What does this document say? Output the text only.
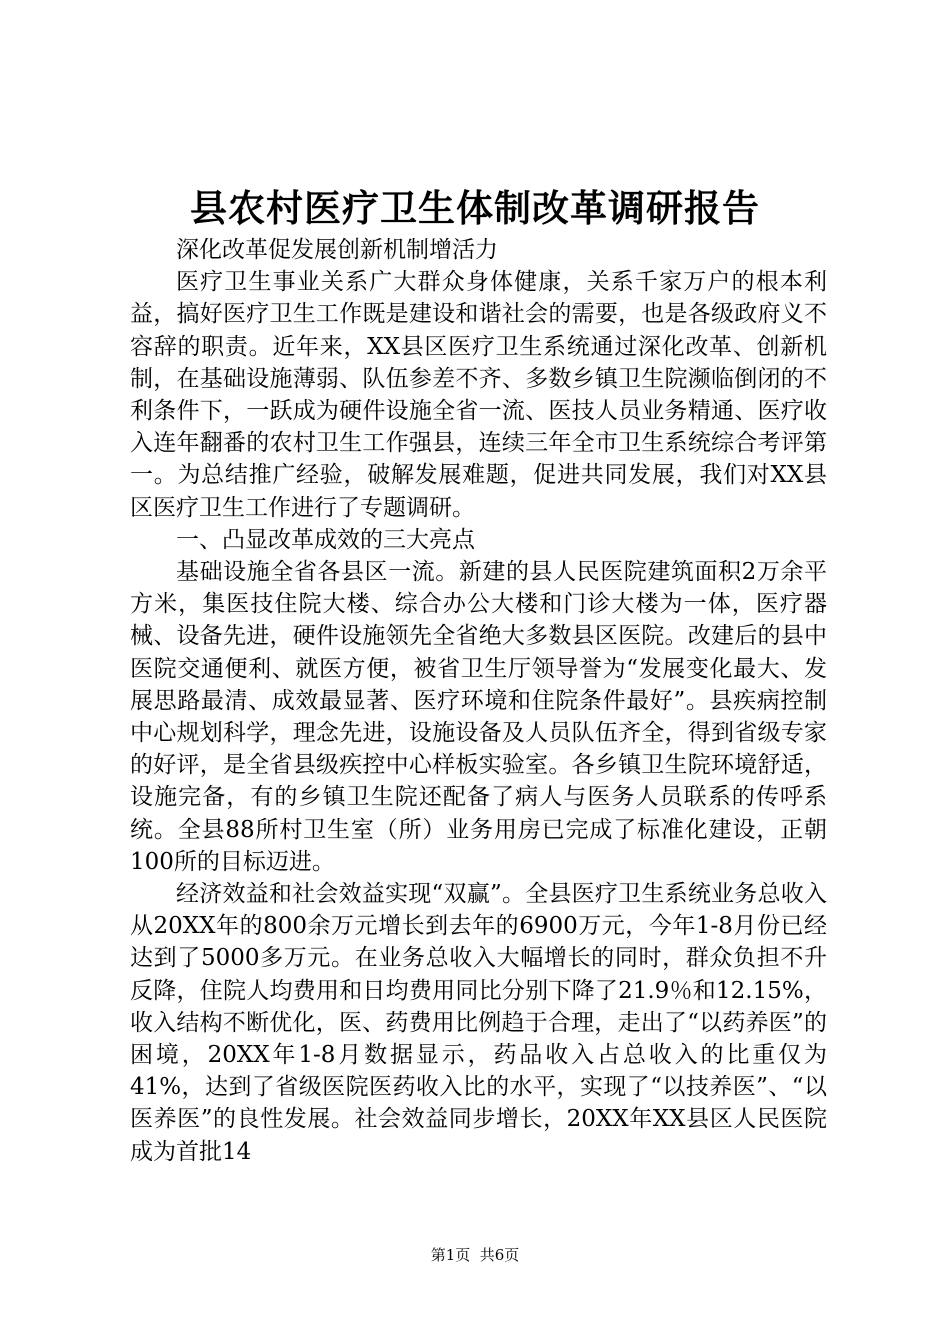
县农村医疗卫生体制改革调研报告

深化改革促发展创新机制增活力

医疗卫生事业关系广大群众身体健康，关系千家万户的根本利益，搞好医疗卫生工作既是建设和谐社会的需要，也是各级政府义不容辞的职责。近年来，XX县区医疗卫生系统通过深化改革、创新机制，在基础设施薄弱、队伍参差不齐、多数乡镇卫生院濒临倒闭的不利条件下，一跃成为硬件设施全省一流、医技人员业务精通、医疗收入连年翻番的农村卫生工作强县，连续三年全市卫生系统综合考评第一。为总结推广经验，破解发展难题，促进共同发展，我们对XX县区医疗卫生工作进行了专题调研。

一、凸显改革成效的三大亮点

基础设施全省各县区一流。新建的县人民医院建筑面积2万余平方米，集医技住院大楼、综合办公大楼和门诊大楼为一体，医疗器械、设备先进，硬件设施领先全省绝大多数县区医院。改建后的县中医院交通便利、就医方便，被省卫生厅领导誉为“发展变化最大、发展思路最清、成效最显著、医疗环境和住院条件最好”。县疾病控制中心规划科学，理念先进，设施设备及人员队伍齐全，得到省级专家的好评，是全省县级疾控中心样板实验室。各乡镇卫生院环境舒适，设施完备，有的乡镇卫生院还配备了病人与医务人员联系的传呼系统。全县88所村卫生室（所）业务用房已完成了标准化建设，正朝100所的目标迈进。

经济效益和社会效益实现“双赢”。全县医疗卫生系统业务总收入从20XX年的800余万元增长到去年的6900万元，今年1-8月份已经达到了5000多万元。在业务总收入大幅增长的同时，群众负担不升反降，住院人均费用和日均费用同比分别下降了21.9％和12.15%，收入结构不断优化，医、药费用比例趋于合理，走出了“以药养医”的困境，20XX年1-8月数据显示，药品收入占总收入的比重仅为41%，达到了省级医院医药收入比的水平，实现了“以技养医”、“以医养医”的良性发展。社会效益同步增长，20XX年XX县区人民医院成为首批14

第1页  共6页
